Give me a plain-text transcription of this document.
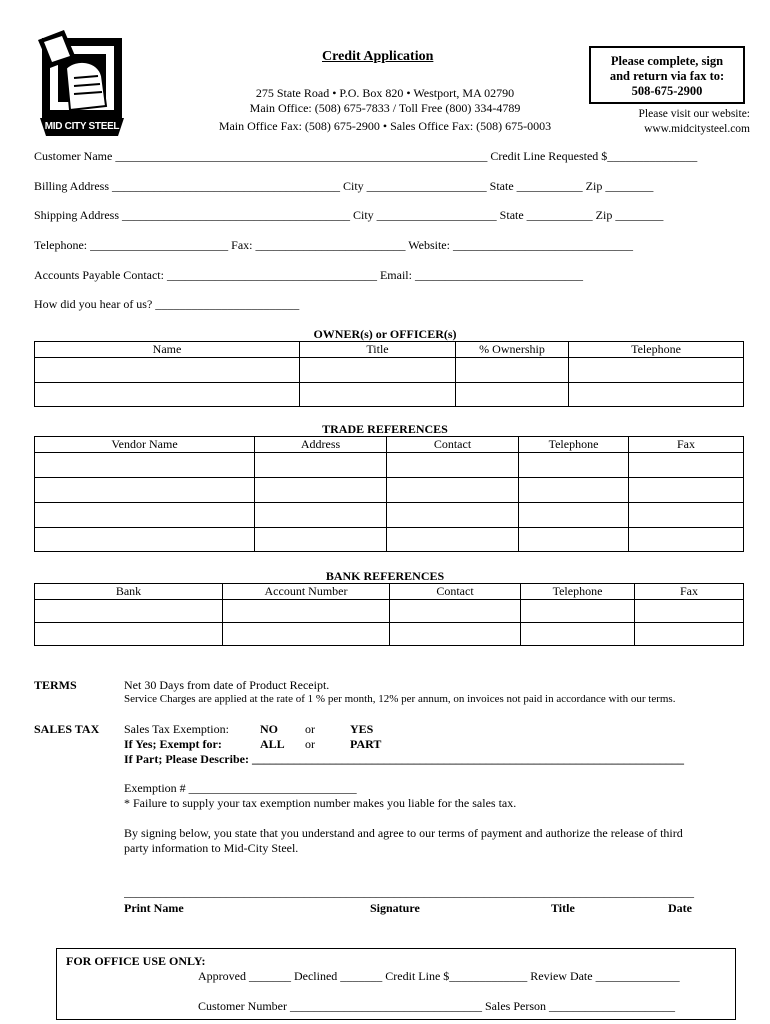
MID CITY STEEL
Credit Application
275 State Road • P.O. Box 820 • Westport, MA 02790
Main Office: (508) 675-7833 / Toll Free (800) 334-4789
Main Office Fax: (508) 675-2900 • Sales Office Fax: (508) 675-0003
Please complete, sign
and return via fax to:
508-675-2900
Please visit our website:
www.midcitysteel.com
Customer Name ______________________________________________________________ Credit Line Requested $_______________
Billing Address ______________________________________ City ____________________ State ___________ Zip ________
Shipping Address ______________________________________ City ____________________ State ___________ Zip ________
Telephone: _______________________ Fax: _________________________ Website: ______________________________
Accounts Payable Contact: ___________________________________ Email: ____________________________
How did you hear of us? ________________________
OWNER(s) or OFFICER(s)
Name	Title	% Ownership	Telephone

TRADE REFERENCES
Vendor Name	Address	Contact	Telephone	Fax

BANK REFERENCES
Bank	Account Number	Contact	Telephone	Fax

TERMS	Net 30 Days from date of Product Receipt.
Service Charges are applied at the rate of 1 % per month, 12% per annum, on invoices not paid in accordance with our terms.
SALES TAX Sales Tax Exemption:	NO or	YES
If Yes; Exempt for:	ALL or	PART
If Part; Please Describe: ________________________________________________________________________
Exemption # ____________________________
* Failure to supply your tax exemption number makes you liable for the sales tax.
By signing below, you state that you understand and agree to our terms of payment and authorize the release of third
party information to Mid-City Steel.
_______________________________________________________________________________________________
Print Name	Signature	Title	Date
FOR OFFICE USE ONLY:
Approved _______ Declined _______ Credit Line $_____________ Review Date ______________
Customer Number ________________________________ Sales Person _____________________
